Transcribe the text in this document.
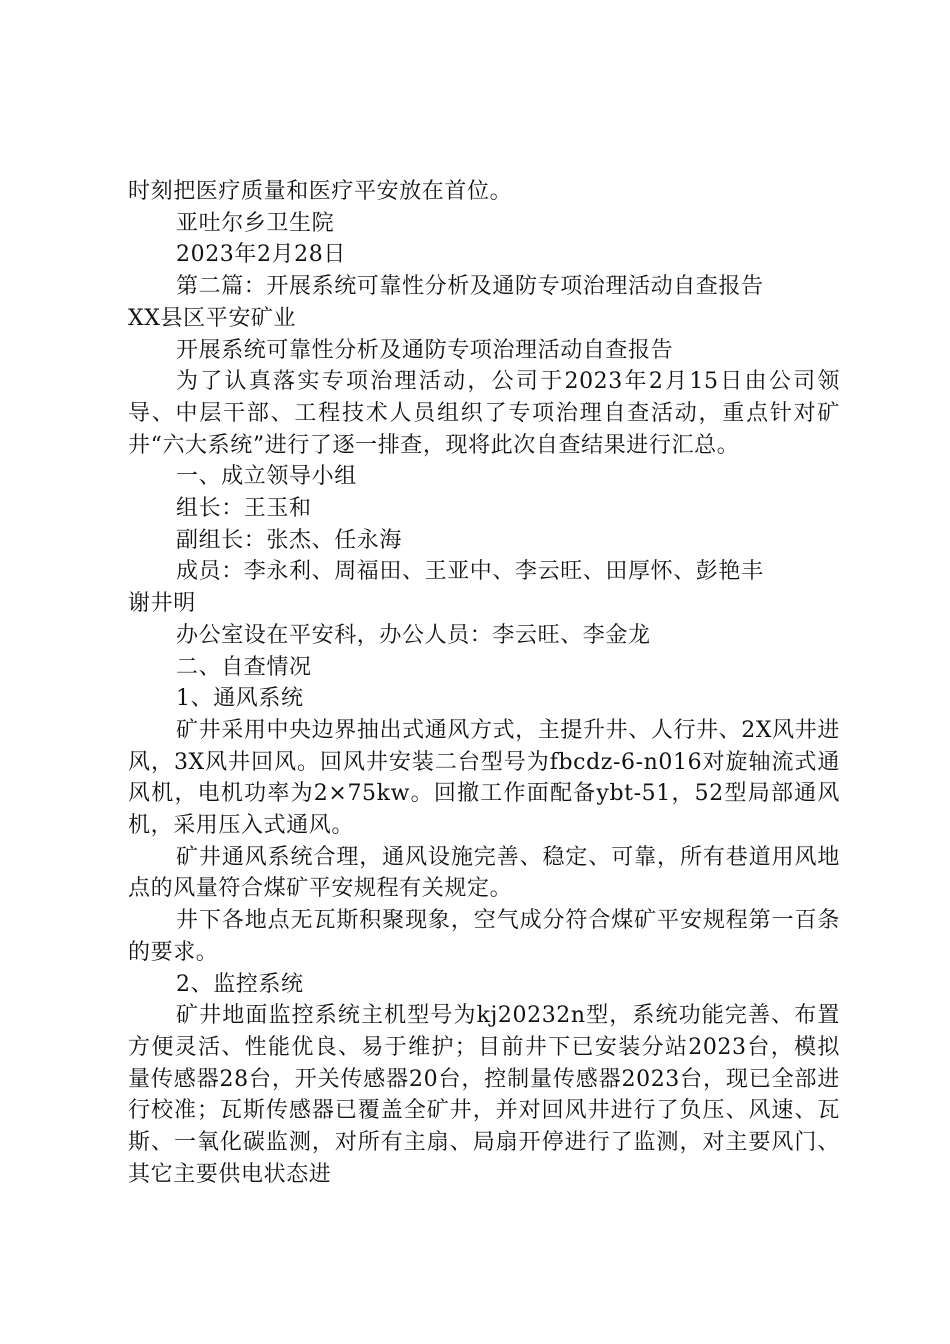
时刻把医疗质量和医疗平安放在首位。

亚吐尔乡卫生院

2023年2月28日

第二篇：开展系统可靠性分析及通防专项治理活动自查报告

XX县区平安矿业

开展系统可靠性分析及通防专项治理活动自查报告

为了认真落实专项治理活动，公司于2023年2月15日由公司领导、中层干部、工程技术人员组织了专项治理自查活动，重点针对矿井“六大系统”进行了逐一排查，现将此次自查结果进行汇总。

一、成立领导小组

组长：王玉和

副组长：张杰、任永海

成员：李永利、周福田、王亚中、李云旺、田厚怀、彭艳丰

谢井明

办公室设在平安科，办公人员：李云旺、李金龙

二、自查情况

1、通风系统

矿井采用中央边界抽出式通风方式，主提升井、人行井、2X风井进风，3X风井回风。回风井安装二台型号为fbcdz-6-n016对旋轴流式通风机，电机功率为2×75kw。回撤工作面配备ybt-51，52型局部通风机，采用压入式通风。

矿井通风系统合理，通风设施完善、稳定、可靠，所有巷道用风地点的风量符合煤矿平安规程有关规定。

井下各地点无瓦斯积聚现象，空气成分符合煤矿平安规程第一百条的要求。

2、监控系统

矿井地面监控系统主机型号为kj20232n型，系统功能完善、布置方便灵活、性能优良、易于维护；目前井下已安装分站2023台，模拟量传感器28台，开关传感器20台，控制量传感器2023台，现已全部进行校准；瓦斯传感器已覆盖全矿井，并对回风井进行了负压、风速、瓦斯、一氧化碳监测，对所有主扇、局扇开停进行了监测，对主要风门、其它主要供电状态进
